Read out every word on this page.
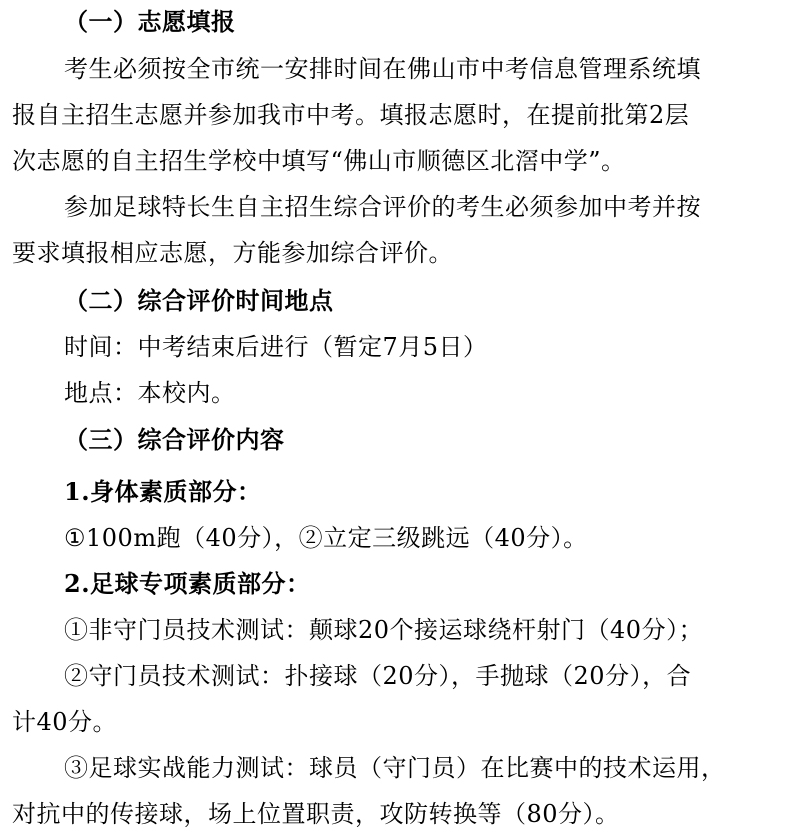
（一）志愿填报
考生必须按全市统一安排时间在佛山市中考信息管理系统填
报自主招生志愿并参加我市中考。填报志愿时，在提前批第2层
次志愿的自主招生学校中填写“佛山市顺德区北滘中学”。
参加足球特长生自主招生综合评价的考生必须参加中考并按
要求填报相应志愿，方能参加综合评价。
（二）综合评价时间地点
时间：中考结束后进行（暂定7月5日）
地点：本校内。
（三）综合评价内容
1.身体素质部分：
①100m跑（40分），②立定三级跳远（40分）。
2.足球专项素质部分：
①非守门员技术测试：颠球20个接运球绕杆射门（40分）；
②守门员技术测试：扑接球（20分），手抛球（20分），合
计40分。
③足球实战能力测试：球员（守门员）在比赛中的技术运用，
对抗中的传接球，场上位置职责，攻防转换等（80分）。
